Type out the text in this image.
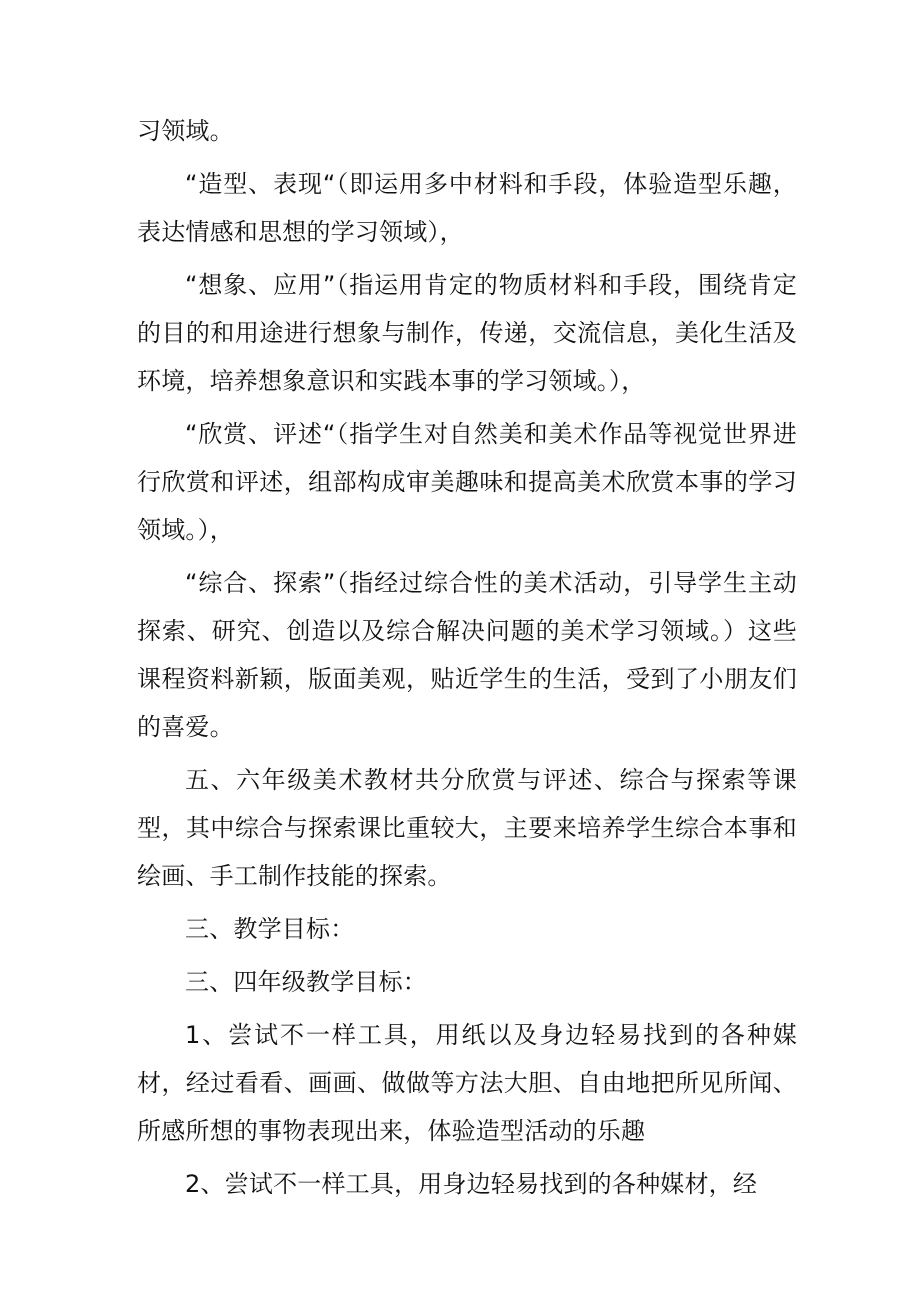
习领域。

“造型、表现“（即运用多中材料和手段，体验造型乐趣，表达情感和思想的学习领域），

“想象、应用”（指运用肯定的物质材料和手段，围绕肯定的目的和用途进行想象与制作，传递，交流信息，美化生活及环境，培养想象意识和实践本事的学习领域。），

“欣赏、评述“（指学生对自然美和美术作品等视觉世界进行欣赏和评述，组部构成审美趣味和提高美术欣赏本事的学习领域。），

“综合、探索”（指经过综合性的美术活动，引导学生主动探索、研究、创造以及综合解决问题的美术学习领域。）这些课程资料新颖，版面美观，贴近学生的生活，受到了小朋友们的喜爱。

五、六年级美术教材共分欣赏与评述、综合与探索等课型，其中综合与探索课比重较大，主要来培养学生综合本事和绘画、手工制作技能的探索。

三、教学目标：

三、四年级教学目标：

1、尝试不一样工具，用纸以及身边轻易找到的各种媒材，经过看看、画画、做做等方法大胆、自由地把所见所闻、所感所想的事物表现出来，体验造型活动的乐趣

2、尝试不一样工具，用身边轻易找到的各种媒材，经
